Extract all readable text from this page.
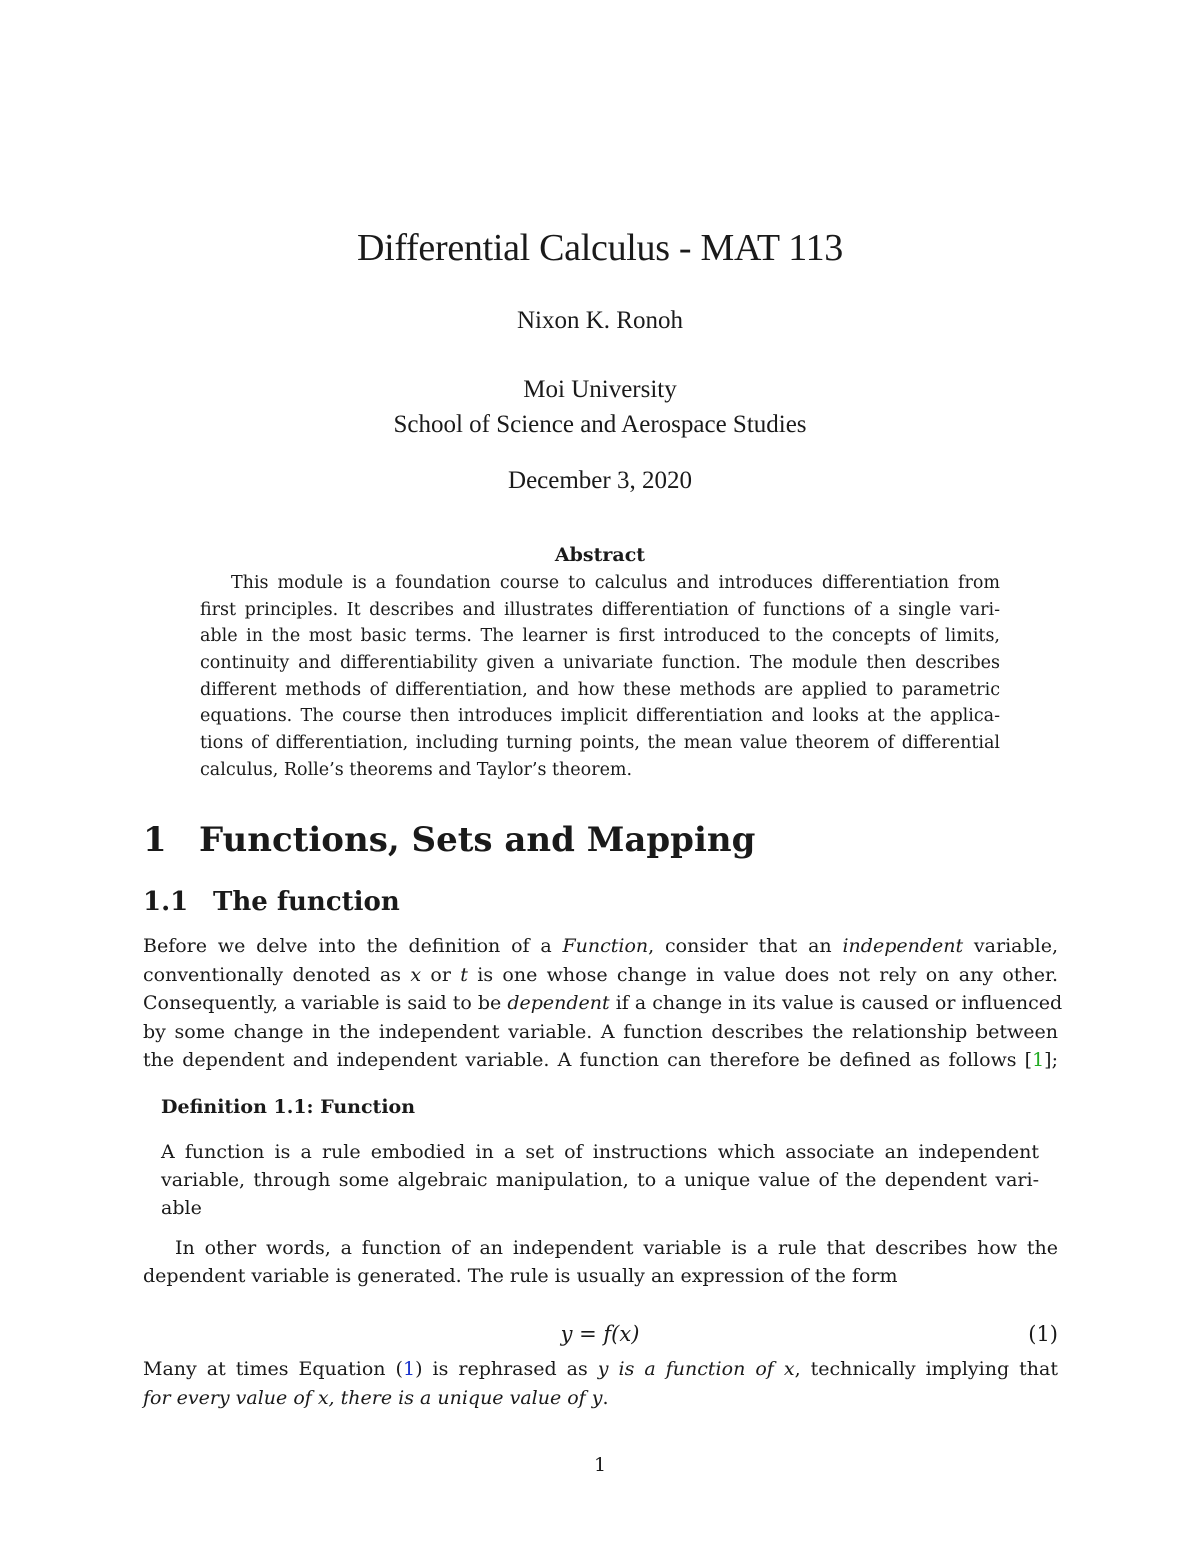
Differential Calculus - MAT 113
Nixon K. Ronoh
Moi University
School of Science and Aerospace Studies
December 3, 2020
Abstract
This module is a foundation course to calculus and introduces differentiation from
first principles. It describes and illustrates differentiation of functions of a single vari-
able in the most basic terms. The learner is first introduced to the concepts of limits,
continuity and differentiability given a univariate function. The module then describes
different methods of differentiation, and how these methods are applied to parametric
equations. The course then introduces implicit differentiation and looks at the applica-
tions of differentiation, including turning points, the mean value theorem of differential
calculus, Rolle’s theorems and Taylor’s theorem.
1 Functions, Sets and Mapping
1.1 The function
Before we delve into the definition of a Function, consider that an independent variable,
conventionally denoted as x or t is one whose change in value does not rely on any other.
Consequently, a variable is said to be dependent if a change in its value is caused or influenced
by some change in the independent variable. A function describes the relationship between
the dependent and independent variable. A function can therefore be defined as follows [1];
Definition 1.1: Function
A function is a rule embodied in a set of instructions which associate an independent
variable, through some algebraic manipulation, to a unique value of the dependent vari-
able
In other words, a function of an independent variable is a rule that describes how the
dependent variable is generated. The rule is usually an expression of the form
y = f(x)	(1)
Many at times Equation (1) is rephrased as y is a function of x, technically implying that
for every value of x, there is a unique value of y.
1
